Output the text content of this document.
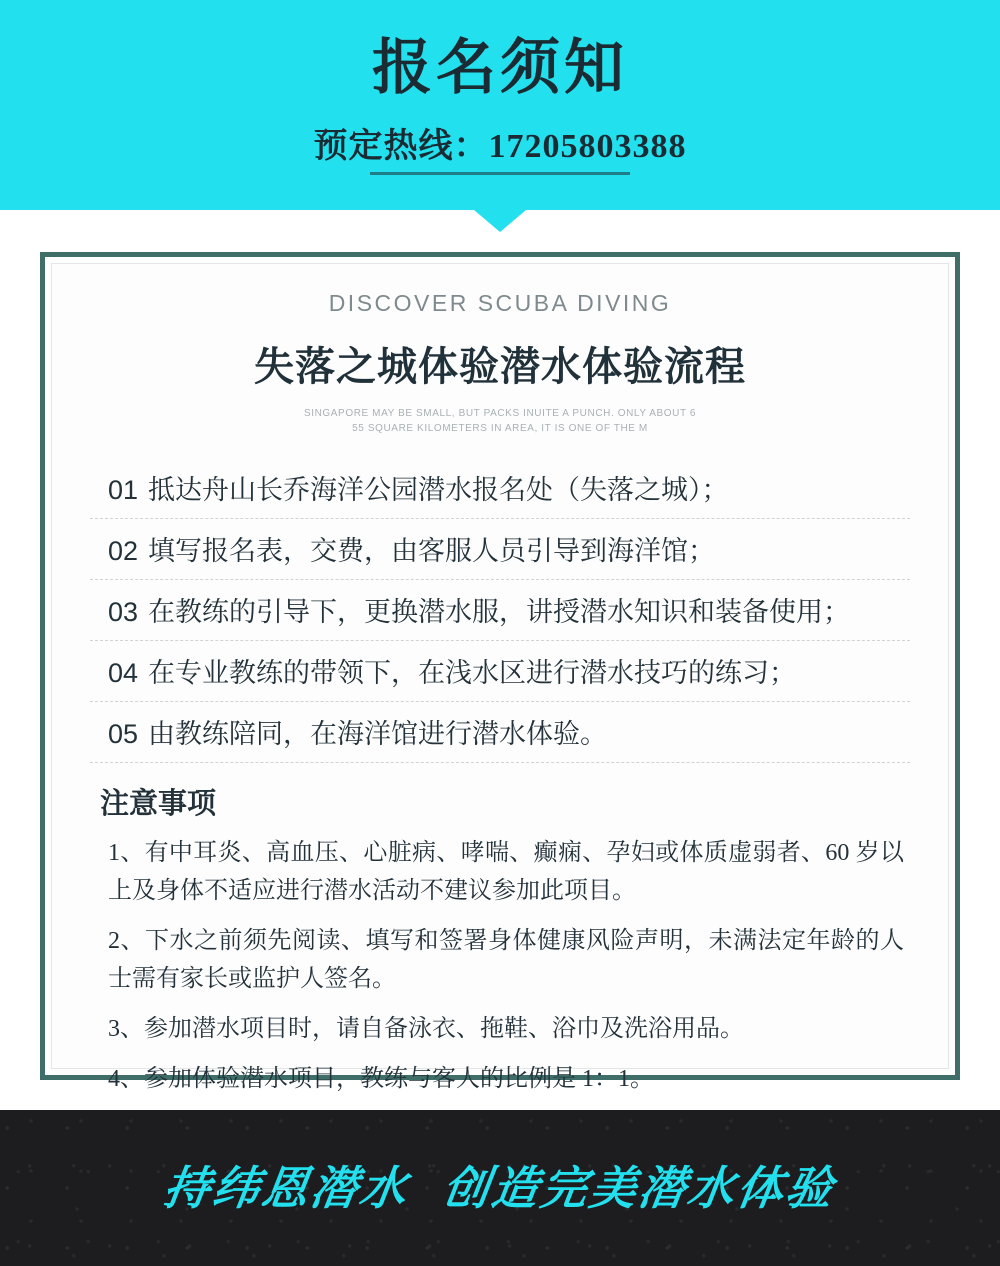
报名须知
预定热线：17205803388
DISCOVER SCUBA DIVING
失落之城体验潜水体验流程
SINGAPORE MAY BE SMALL, BUT PACKS INUITE A PUNCH. ONLY ABOUT 6
55 SQUARE KILOMETERS IN AREA, IT IS ONE OF THE M
01 抵达舟山长乔海洋公园潜水报名处（失落之城）；
02 填写报名表，交费，由客服人员引导到海洋馆；
03 在教练的引导下，更换潜水服，讲授潜水知识和装备使用；
04 在专业教练的带领下，在浅水区进行潜水技巧的练习；
05 由教练陪同，在海洋馆进行潜水体验。
注意事项
1、有中耳炎、高血压、心脏病、哮喘、癫痫、孕妇或体质虚弱者、60 岁以上及身体不适应进行潜水活动不建议参加此项目。
2、下水之前须先阅读、填写和签署身体健康风险声明，未满法定年龄的人士需有家长或监护人签名。
3、参加潜水项目时，请自备泳衣、拖鞋、浴巾及洗浴用品。
4、参加体验潜水项目，教练与客人的比例是 1：1。
持纬恩潜水 创造完美潜水体验
